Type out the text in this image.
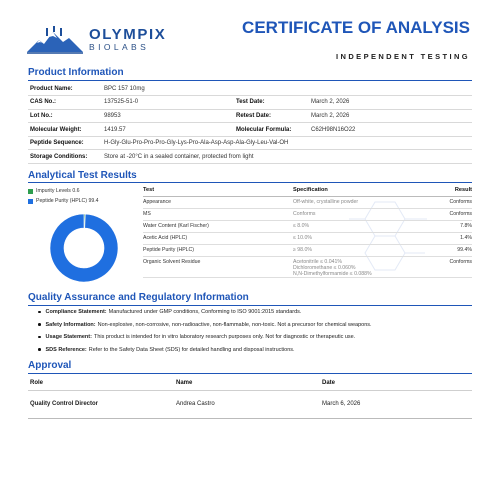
OLYMPIX
BIOLABS
CERTIFICATE OF ANALYSIS
INDEPENDENT TESTING
Product Information
Product Name:	BPC 157 10mg		
CAS No.:	137525-51-0	Test Date:	March 2, 2026
Lot No.:	98953	Retest Date:	March 2, 2026
Molecular Weight:	1419.57	Molecular Formula:	C62H98N16O22
Peptide Sequence:	H-Gly-Glu-Pro-Pro-Pro-Gly-Lys-Pro-Ala-Asp-Asp-Ala-Gly-Leu-Val-OH		
Storage Conditions:	Store at -20°C in a sealed container, protected from light		
Analytical Test Results
Impurity Levels 0.6
Peptide Purity (HPLC) 99.4
Test	Specification	Result
Appearance	Off-white, crystalline powder	Conforms
MS	Conforms	Conforms
Water Content (Karl Fischer)	≤ 8.0%	7.8%
Acetic Acid (HPLC)	≤ 10.0%	1.4%
Peptide Purity (HPLC)	≥ 98.0%	99.4%
Organic Solvent Residue	Acetonitrile ≤ 0.041%
Dichloromethane ≤ 0.060%
N,N-Dimethylformamide ≤ 0.088%	Conforms
Quality Assurance and Regulatory Information
Compliance Statement: Manufactured under GMP conditions, Conforming to ISO 9001:2015 standards.
Safety Information: Non-explosive, non-corrosive, non-radioactive, non-flammable, non-toxic. Not a precursor for chemical weapons.
Usage Statement: This product is intended for in vitro laboratory research purposes only. Not for diagnostic or therapeutic use.
SDS Reference: Refer to the Safety Data Sheet (SDS) for detailed handling and disposal instructions.
Approval
Role	Name	Date
Quality Control Director	Andrea Castro	March 6, 2026
